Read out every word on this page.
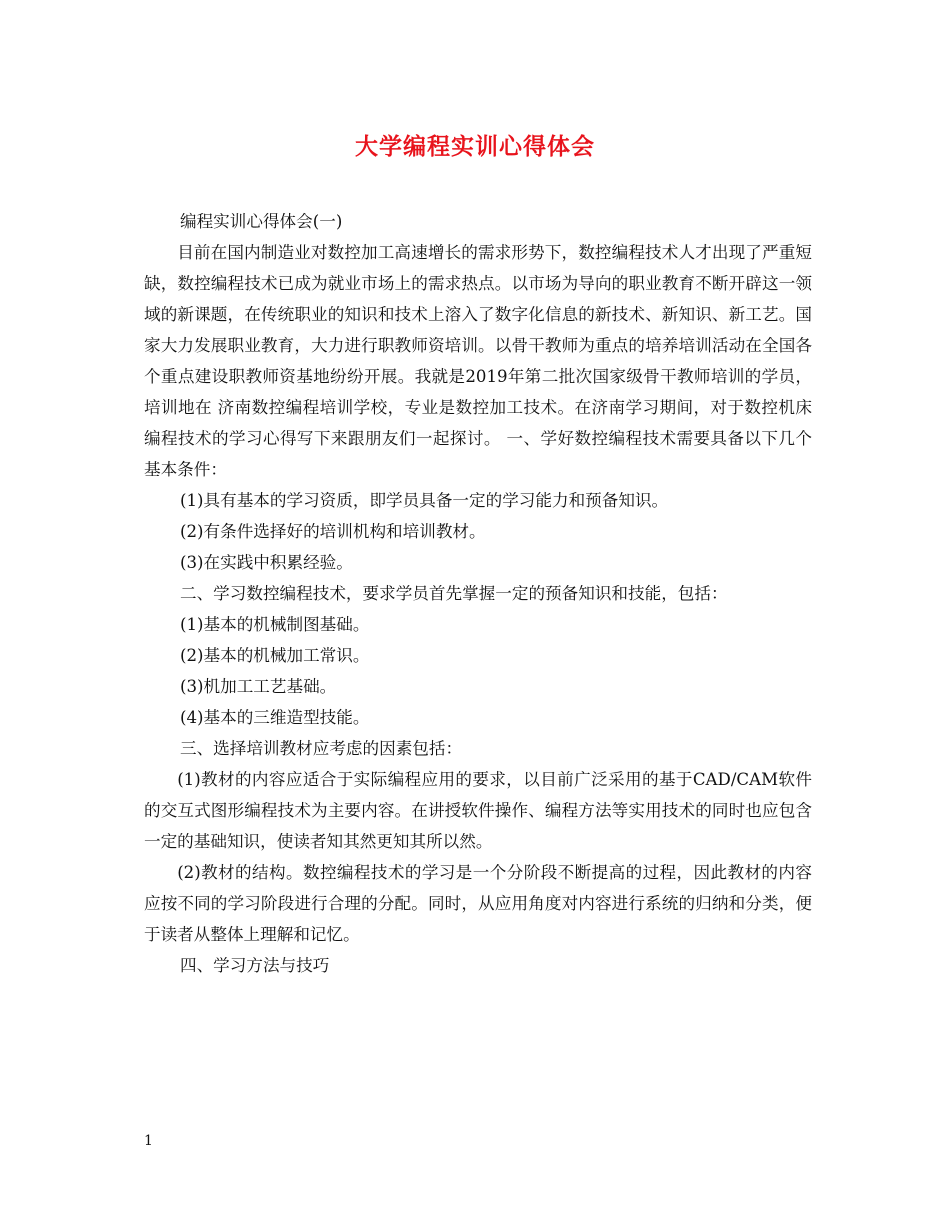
大学编程实训心得体会

编程实训心得体会(一)

目前在国内制造业对数控加工高速增长的需求形势下，数控编程技术人才出现了严重短缺，数控编程技术已成为就业市场上的需求热点。以市场为导向的职业教育不断开辟这一领域的新课题，在传统职业的知识和技术上溶入了数字化信息的新技术、新知识、新工艺。国家大力发展职业教育，大力进行职教师资培训。以骨干教师为重点的培养培训活动在全国各个重点建设职教师资基地纷纷开展。我就是2019年第二批次国家级骨干教师培训的学员，培训地在 济南数控编程培训学校，专业是数控加工技术。在济南学习期间，对于数控机床编程技术的学习心得写下来跟朋友们一起探讨。 一、学好数控编程技术需要具备以下几个基本条件：

(1)具有基本的学习资质，即学员具备一定的学习能力和预备知识。

(2)有条件选择好的培训机构和培训教材。

(3)在实践中积累经验。

二、学习数控编程技术，要求学员首先掌握一定的预备知识和技能，包括：

(1)基本的机械制图基础。

(2)基本的机械加工常识。

(3)机加工工艺基础。

(4)基本的三维造型技能。

三、选择培训教材应考虑的因素包括：

(1)教材的内容应适合于实际编程应用的要求，以目前广泛采用的基于CAD/CAM软件的交互式图形编程技术为主要内容。在讲授软件操作、编程方法等实用技术的同时也应包含一定的基础知识，使读者知其然更知其所以然。

(2)教材的结构。数控编程技术的学习是一个分阶段不断提高的过程，因此教材的内容应按不同的学习阶段进行合理的分配。同时，从应用角度对内容进行系统的归纳和分类，便于读者从整体上理解和记忆。

四、学习方法与技巧

1
